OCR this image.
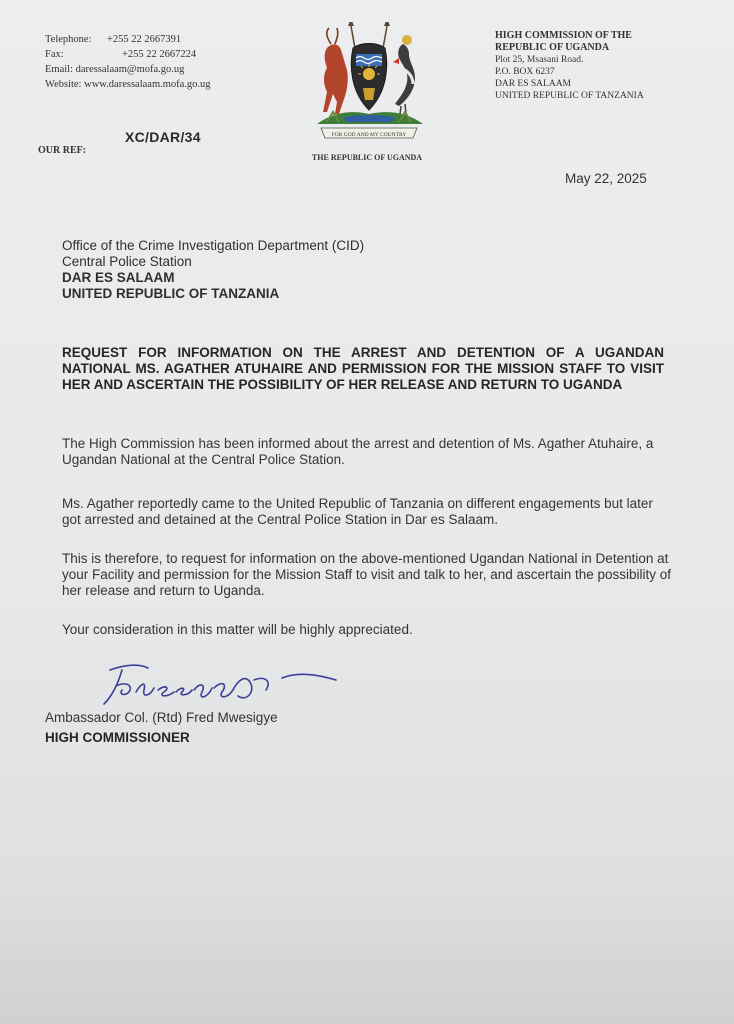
Telephone: +255 22 2667391
Fax:	+255 22 2667224
Email: daressalaam@mofa.go.ug
Website: www.daressalaam.mofa.go.ug
XC/DAR/34
OUR REF:
FOR GOD AND MY COUNTRY
THE REPUBLIC OF UGANDA
HIGH COMMISSION OF THE
REPUBLIC OF UGANDA
Plot 25, Msasani Road.
P.O. BOX 6237
DAR ES SALAAM
UNITED REPUBLIC OF TANZANIA
May 22, 2025
Office of the Crime Investigation Department (CID)
Central Police Station
DAR ES SALAAM
UNITED REPUBLIC OF TANZANIA
REQUEST FOR INFORMATION ON THE ARREST AND DETENTION OF A UGANDAN NATIONAL MS. AGATHER ATUHAIRE AND PERMISSION FOR THE MISSION STAFF TO VISIT HER AND ASCERTAIN THE POSSIBILITY OF HER RELEASE AND RETURN TO UGANDA
The High Commission has been informed about the arrest and detention of Ms. Agather Atuhaire, a Ugandan National at the Central Police Station.
Ms. Agather reportedly came to the United Republic of Tanzania on different engagements but later got arrested and detained at the Central Police Station in Dar es Salaam.
This is therefore, to request for information on the above-mentioned Ugandan National in Detention at your Facility and permission for the Mission Staff to visit and talk to her, and ascertain the possibility of her release and return to Uganda.
Your consideration in this matter will be highly appreciated.
Ambassador Col. (Rtd) Fred Mwesigye
HIGH COMMISSIONER
